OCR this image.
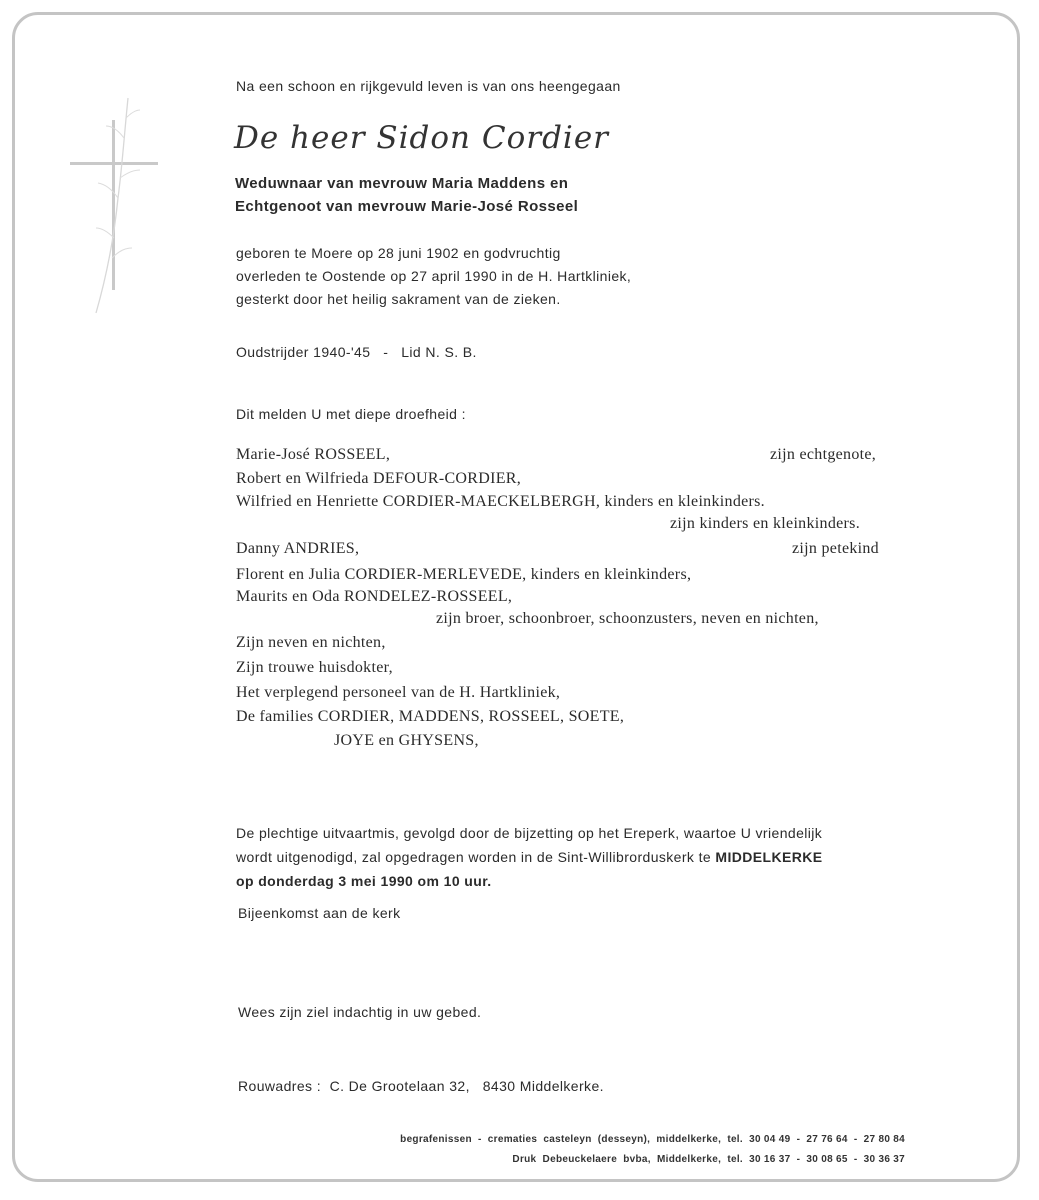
Na een schoon en rijkgevuld leven is van ons heengegaan
De heer Sidon Cordier
Weduwnaar van mevrouw Maria Maddens en
Echtgenoot van mevrouw Marie-José Rosseel
geboren te Moere op 28 juni 1902 en godvruchtig
overleden te Oostende op 27 april 1990 in de H. Hartkliniek,
gesterkt door het heilig sakrament van de zieken.
Oudstrijder 1940-'45   -   Lid N. S. B.
Dit melden U met diepe droefheid :
Marie-José ROSSEEL,	zijn echtgenote,
Robert en Wilfrieda DEFOUR-CORDIER,
Wilfried en Henriette CORDIER-MAECKELBERGH, kinders en kleinkinders.
zijn kinders en kleinkinders.
Danny ANDRIES,	zijn petekind
Florent en Julia CORDIER-MERLEVEDE, kinders en kleinkinders,
Maurits en Oda RONDELEZ-ROSSEEL,
zijn broer, schoonbroer, schoonzusters, neven en nichten,
Zijn neven en nichten,
Zijn trouwe huisdokter,
Het verplegend personeel van de H. Hartkliniek,
De families CORDIER, MADDENS, ROSSEEL, SOETE,
JOYE en GHYSENS,
De plechtige uitvaartmis, gevolgd door de bijzetting op het Ereperk, waartoe U vriendelijk
wordt uitgenodigd, zal opgedragen worden in de Sint-Willibrorduskerk te MIDDELKERKE
op donderdag 3 mei 1990 om 10 uur.
Bijeenkomst aan de kerk
Wees zijn ziel indachtig in uw gebed.
Rouwadres :  C. De Grootelaan 32,   8430 Middelkerke.
begrafenissen  -  crematies  casteleyn  (desseyn),  middelkerke,  tel.  30 04 49  -  27 76 64  -  27 80 84
Druk  Debeuckelaere  bvba,  Middelkerke,  tel.  30 16 37  -  30 08 65  -  30 36 37
